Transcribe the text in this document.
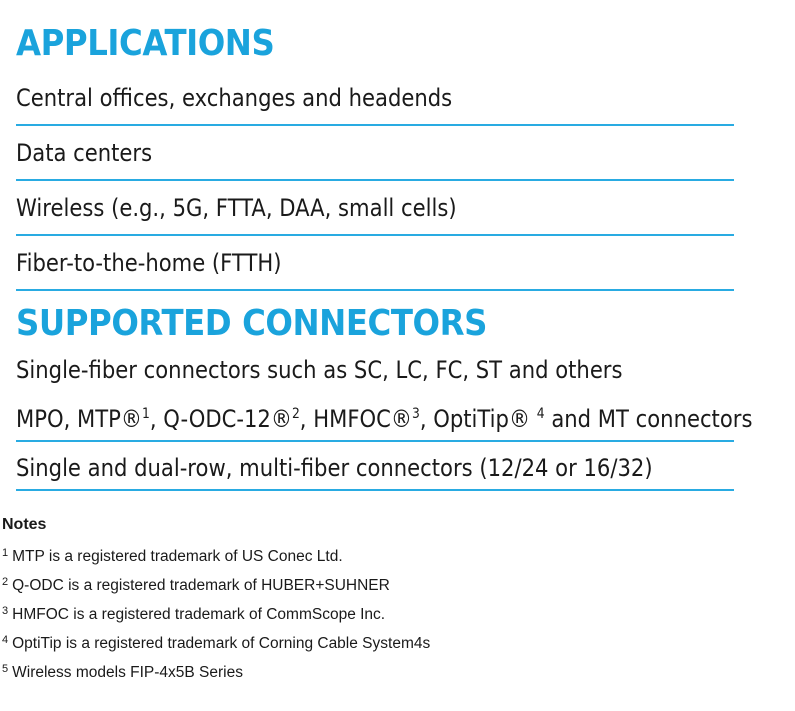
APPLICATIONS
Central offices, exchanges and headends
Data centers
Wireless (e.g., 5G, FTTA, DAA, small cells)
Fiber-to-the-home (FTTH)
SUPPORTED CONNECTORS
Single-fiber connectors such as SC, LC, FC, ST and others
MPO, MTP®$^1$, Q-ODC-12®$^2$, HMFOC®$^3$, OptiTip® $^4$ and MT connectors
Single and dual-row, multi-fiber connectors (12/24 or 16/32)
Notes
$^1$ MTP is a registered trademark of US Conec Ltd.
$^2$ Q-ODC is a registered trademark of HUBER+SUHNER
$^3$ HMFOC is a registered trademark of CommScope Inc.
$^4$ OptiTip is a registered trademark of Corning Cable System4s
$^5$ Wireless models FIP-4x5B Series
